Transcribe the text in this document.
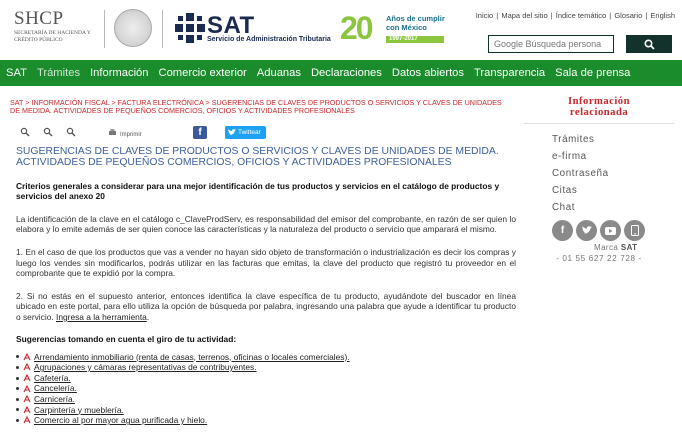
SHCP
SECRETARÍA DE HACIENDA Y CRÉDITO PÚBLICO
SAT
Servicio de Administración Tributaria 20 Años de cumplir con México
1997-2017
Inicio | Mapa del sitio | Índice temático | Glosario | English
Google Búsqueda persona
SAT Trámites Información Comercio exterior Aduanas Declaraciones Datos abiertos Transparencia Sala de prensa
SAT > INFORMACIÓN FISCAL > FACTURA ELECTRÓNICA > SUGERENCIAS DE CLAVES DE PRODUCTOS O SERVICIOS Y CLAVES DE UNIDADES DE MEDIDA. ACTIVIDADES DE PEQUEÑOS COMERCIOS, OFICIOS Y ACTIVIDADES PROFESIONALES
Imprimir	f	Twittear
SUGERENCIAS DE CLAVES DE PRODUCTOS O SERVICIOS Y CLAVES DE UNIDADES DE MEDIDA. ACTIVIDADES DE PEQUEÑOS COMERCIOS, OFICIOS Y ACTIVIDADES PROFESIONALES
Criterios generales a considerar para una mejor identificación de tus productos y servicios en el catálogo de productos y servicios del anexo 20

La identificación de la clave en el catálogo c_ClaveProdServ, es responsabilidad del emisor del comprobante, en razón de ser quien lo elabora y lo emite además de ser quien conoce las características y la naturaleza del producto o servicio que amparará el mismo.

1. En el caso de que los productos que vas a vender no hayan sido objeto de transformación o industrialización es decir los compras y luego los vendes sin modificarlos, podrás utilizar en las facturas que emitas, la clave del producto que registró tu proveedor en el comprobante que te expidió por la compra.

2. Si no estás en el supuesto anterior, entonces identifica la clave específica de tu producto, ayudándote del buscador en línea ubicado en este portal, para ello utiliza la opción de búsqueda por palabra, ingresando una palabra que ayude a identificar tu producto o servicio. Ingresa a la herramienta.

Sugerencias tomando en cuenta el giro de tu actividad:
Arrendamiento inmobiliario (renta de casas, terrenos, oficinas o locales comerciales).
Agrupaciones y cámaras representativas de contribuyentes.
Cafetería.
Cancelería.
Carnicería.
Carpintería y mueblería.
Comercio al por mayor agua purificada y hielo.
Información
relacionada
Trámites
e-firma
Contraseña
Citas
Chat
f
Marca SAT
- 01 55 627 22 728 -
